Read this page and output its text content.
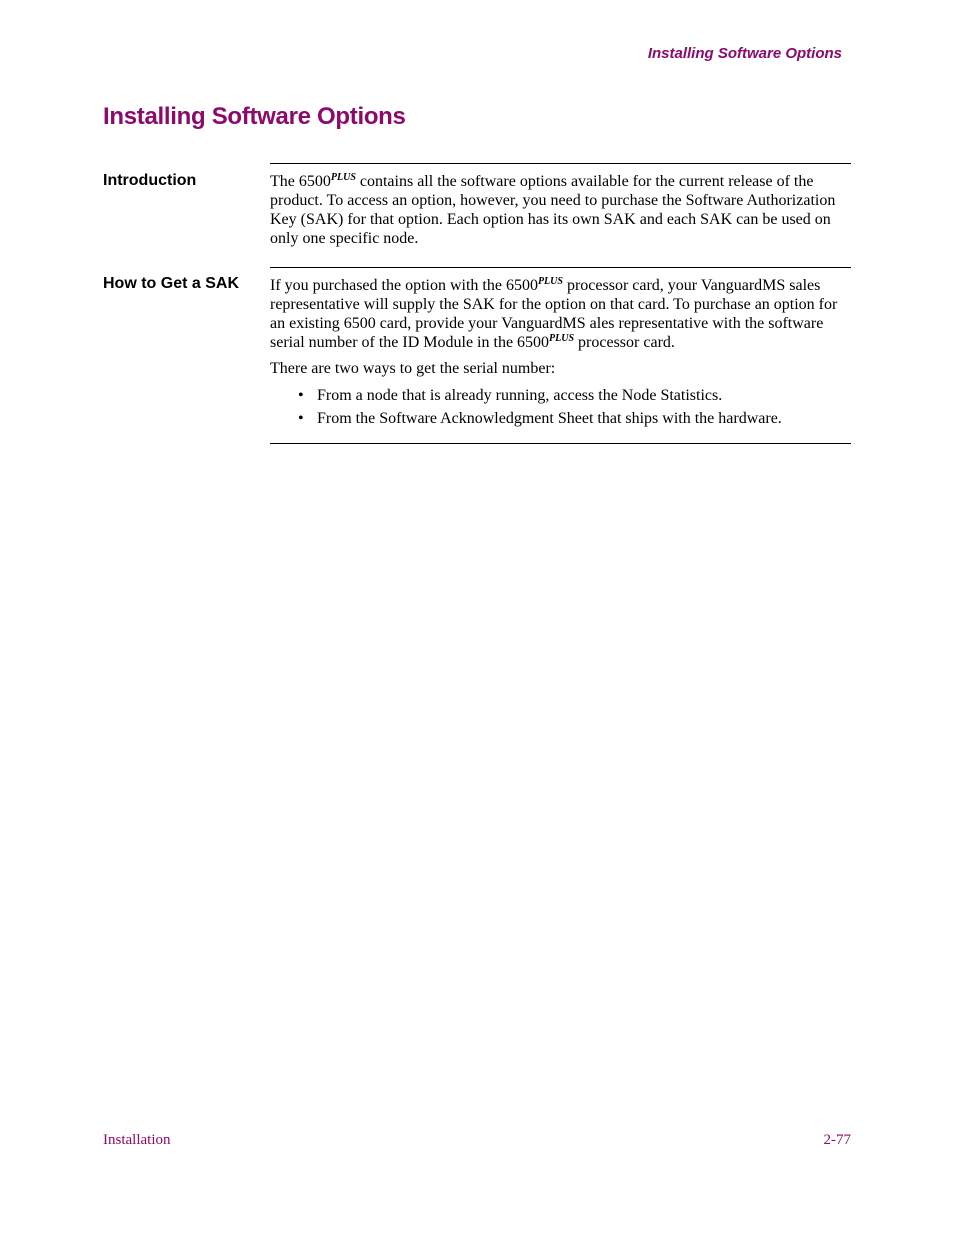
Installing Software Options
Installing Software Options
Introduction	The $6500^{PLUS}$ contains all the software options available for the current release of the product. To access an option, however, you need to purchase the Software Authorization Key (SAK) for that option. Each option has its own SAK and each SAK can be used on only one specific node.

How to Get a SAK If you purchased the option with the $6500^{PLUS}$ processor card, your VanguardMS sales representative will supply the SAK for the option on that card. To purchase an option for an existing 6500 card, provide your VanguardMS ales representative with the software serial number of the ID Module in the $6500^{PLUS}$ processor card.

There are two ways to get the serial number:

• From a node that is already running, access the Node Statistics.
• From the Software Acknowledgment Sheet that ships with the hardware.
Installation	2-77
